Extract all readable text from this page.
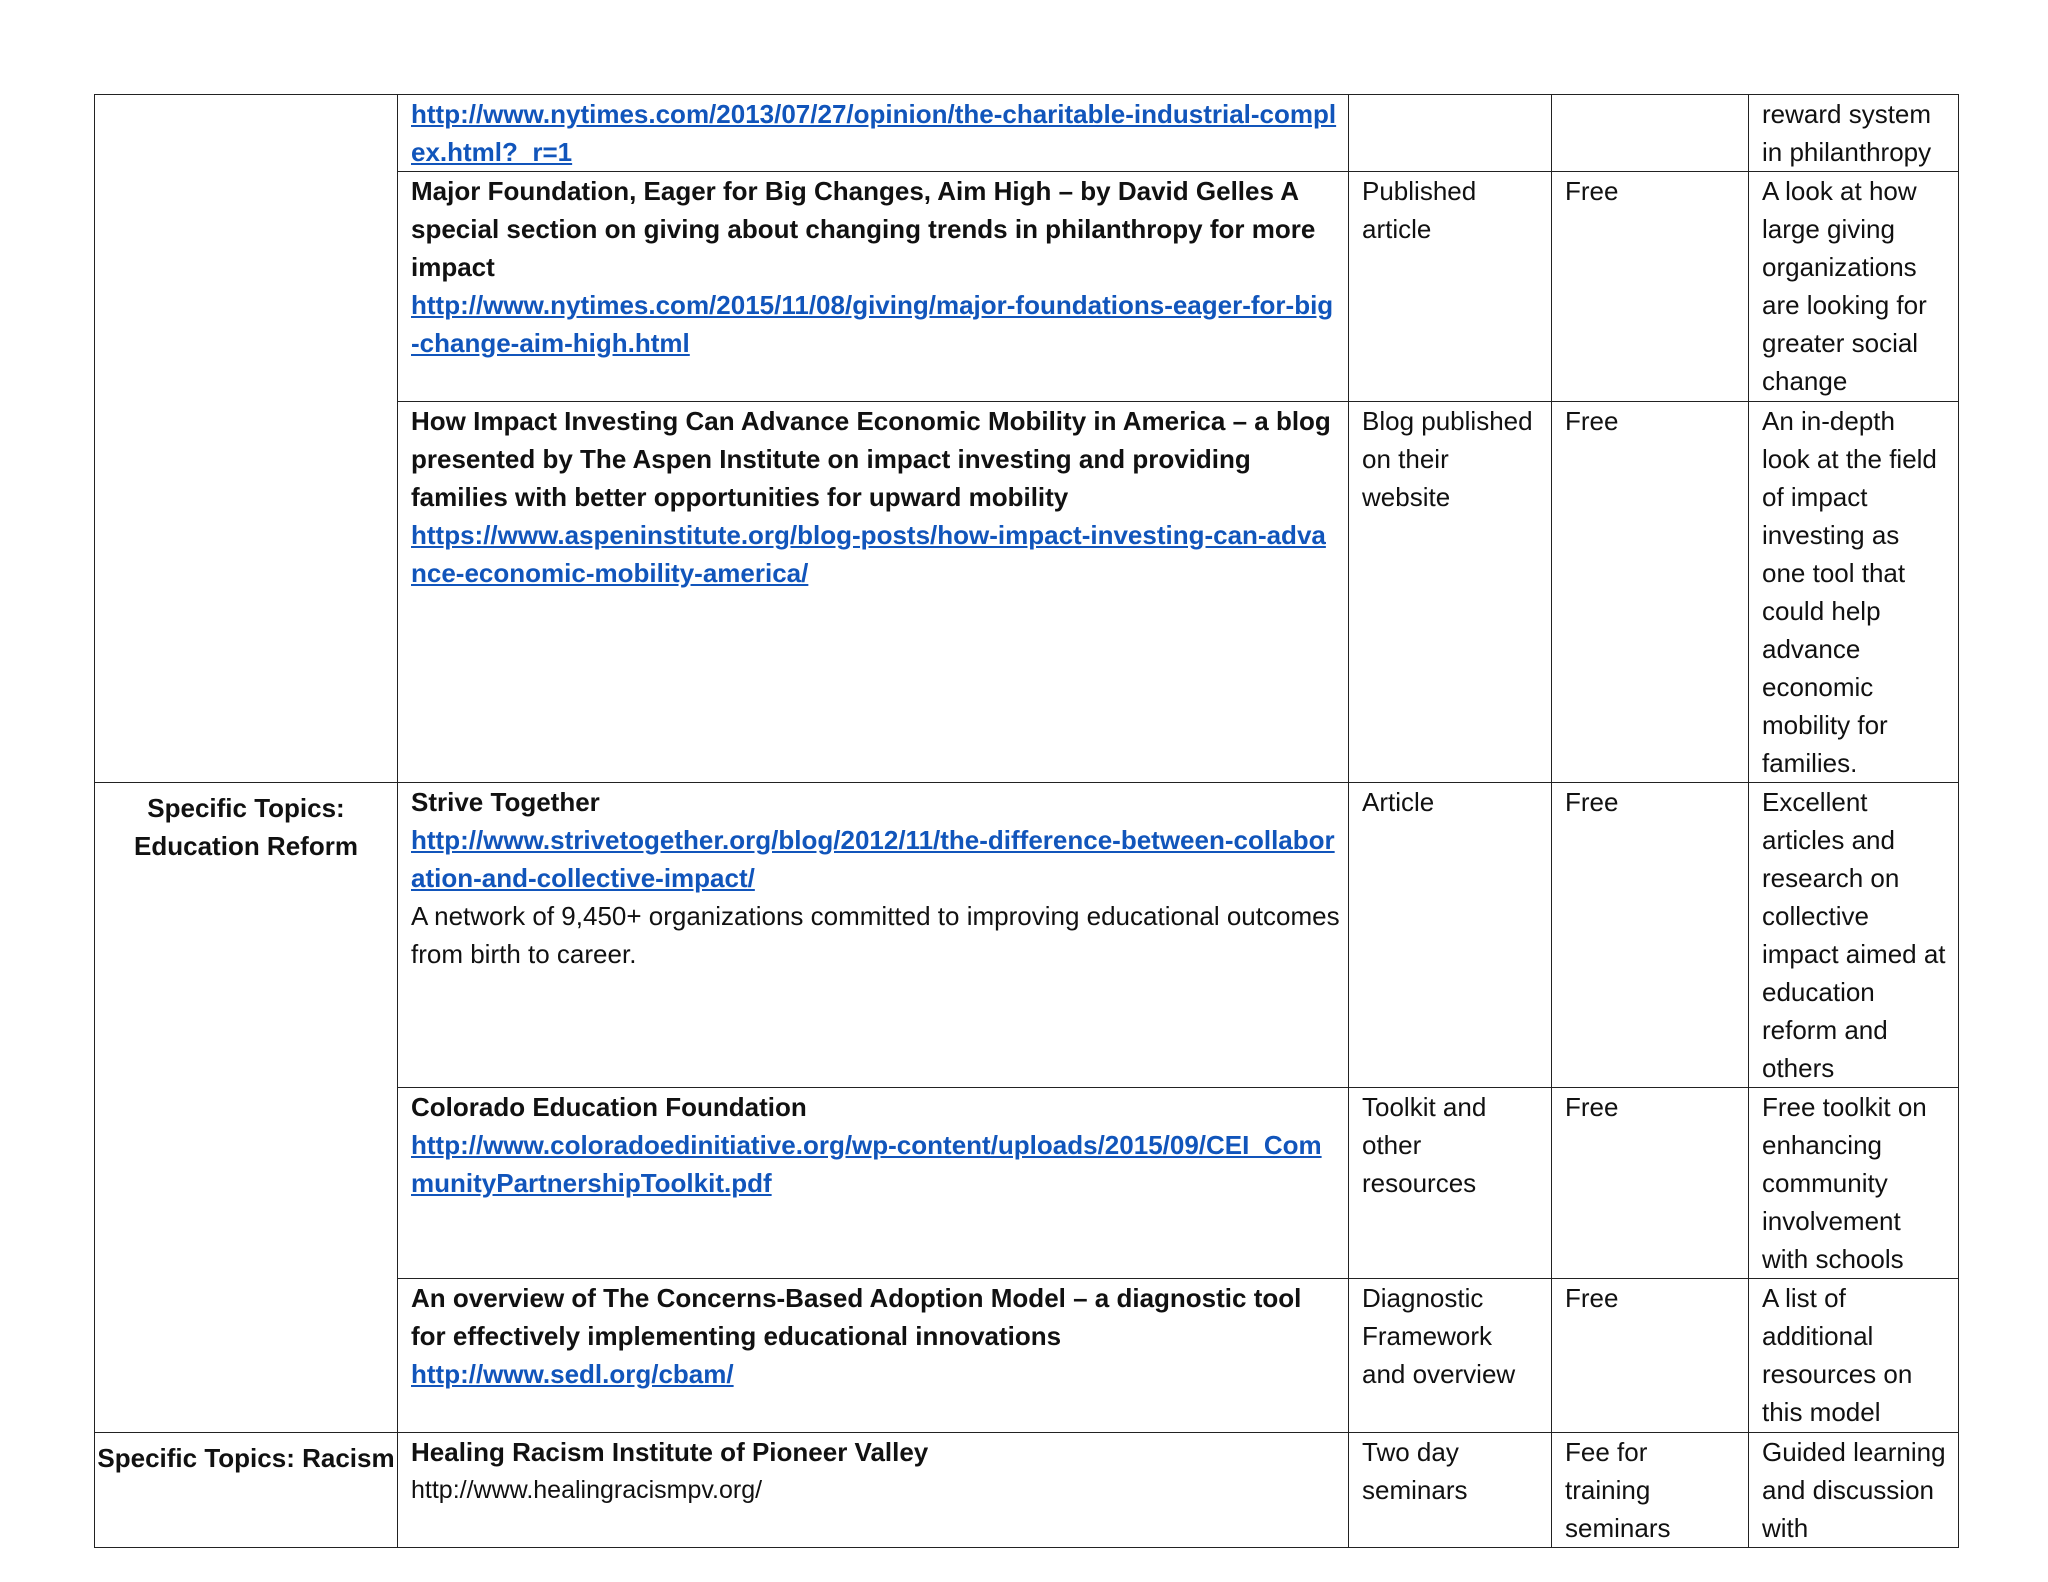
	http://www.nytimes.com/2013/07/27/opinion/the-charitable-industrial-complex.html?_r=1			reward system in philanthropy

	Major Foundation, Eager for Big Changes, Aim High – by David Gelles A special section on giving about changing trends in philanthropy for more impact
http://www.nytimes.com/2015/11/08/giving/major-foundations-eager-for-big-change-aim-high.html	Published article	Free	A look at how large giving organizations are looking for greater social change

	How Impact Investing Can Advance Economic Mobility in America – a blog presented by The Aspen Institute on impact investing and providing families with better opportunities for upward mobility
https://www.aspeninstitute.org/blog-posts/how-impact-investing-can-advance-economic-mobility-america/	Blog published on their website	Free	An in-depth look at the field of impact investing as one tool that could help advance economic mobility for families.
Specific Topics: Education Reform	Strive Together
http://www.strivetogether.org/blog/2012/11/the-difference-between-collaboration-and-collective-impact/
A network of 9,450+ organizations committed to improving educational outcomes from birth to career.	Article	Free	Excellent articles and research on collective impact aimed at education reform and others

	Colorado Education Foundation
http://www.coloradoedinitiative.org/wp-content/uploads/2015/09/CEI_CommunityPartnershipToolkit.pdf	Toolkit and other resources	Free	Free toolkit on enhancing community involvement with schools

	An overview of The Concerns-Based Adoption Model – a diagnostic tool for effectively implementing educational innovations
http://www.sedl.org/cbam/	Diagnostic Framework and overview	Free	A list of additional resources on this model
Specific Topics: Racism	Healing Racism Institute of Pioneer Valley
http://www.healingracismpv.org/	Two day seminars	Fee for training seminars	Guided learning and discussion with
